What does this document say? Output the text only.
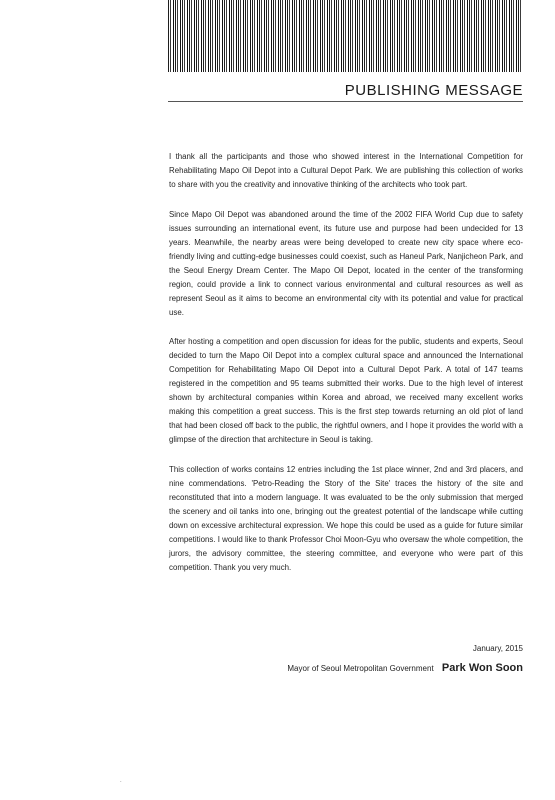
PUBLISHING MESSAGE

I thank all the participants and those who showed interest in the International Competition for Rehabilitating Mapo Oil Depot into a Cultural Depot Park. We are publishing this collection of works to share with you the creativity and innovative thinking of the architects who took part.

Since Mapo Oil Depot was abandoned around the time of the 2002 FIFA World Cup due to safety issues surrounding an international event, its future use and purpose had been undecided for 13 years. Meanwhile, the nearby areas were being developed to create new city space where eco-friendly living and cutting-edge businesses could coexist, such as Haneul Park, Nanjicheon Park, and the Seoul Energy Dream Center. The Mapo Oil Depot, located in the center of the transforming region, could provide a link to connect various environmental and cultural resources as well as represent Seoul as it aims to become an environmental city with its potential and value for practical use.

After hosting a competition and open discussion for ideas for the public, students and experts, Seoul decided to turn the Mapo Oil Depot into a complex cultural space and announced the International Competition for Rehabilitating Mapo Oil Depot into a Cultural Depot Park. A total of 147 teams registered in the competition and 95 teams submitted their works. Due to the high level of interest shown by architectural companies within Korea and abroad, we received many excellent works making this competition a great success. This is the first step towards returning an old plot of land that had been closed off back to the public, the rightful owners, and I hope it provides the world with a glimpse of the direction that architecture in Seoul is taking.

This collection of works contains 12 entries including the 1st place winner, 2nd and 3rd placers, and nine commendations. 'Petro-Reading the Story of the Site' traces the history of the site and reconstituted that into a modern language. It was evaluated to be the only submission that merged the scenery and oil tanks into one, bringing out the greatest potential of the landscape while cutting down on excessive architectural expression. We hope this could be used as a guide for future similar competitions. I would like to thank Professor Choi Moon-Gyu who oversaw the whole competition, the jurors, the advisory committee, the steering committee, and everyone who were part of this competition. Thank you very much.

January, 2015
Mayor of Seoul Metropolitan Government Park Won Soon
.
